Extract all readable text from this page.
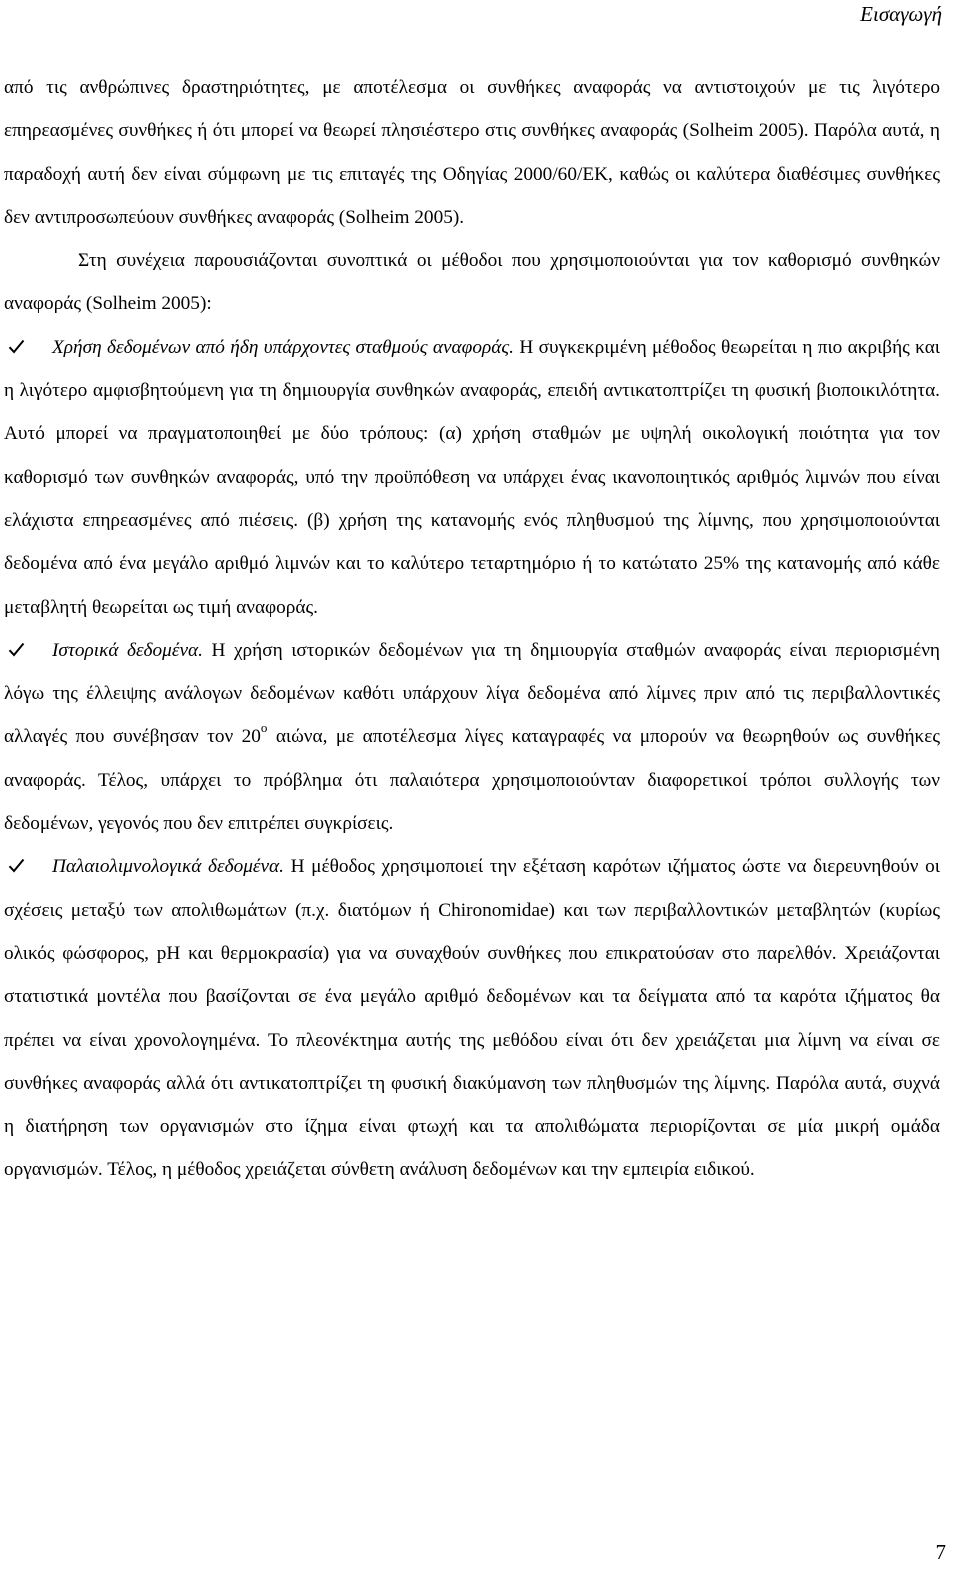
Εισαγωγή

από τις ανθρώπινες δραστηριότητες, με αποτέλεσμα οι συνθήκες αναφοράς να αντιστοιχούν με τις λιγότερο επηρεασμένες συνθήκες ή ότι μπορεί να θεωρεί πλησιέστερο στις συνθήκες αναφοράς (Solheim 2005). Παρόλα αυτά, η παραδοχή αυτή δεν είναι σύμφωνη με τις επιταγές της Οδηγίας 2000/60/ΕΚ, καθώς οι καλύτερα διαθέσιμες συνθήκες δεν αντιπροσωπεύουν συνθήκες αναφοράς (Solheim 2005).

Στη συνέχεια παρουσιάζονται συνοπτικά οι μέθοδοι που χρησιμοποιούνται για τον καθορισμό συνθηκών αναφοράς (Solheim 2005):

Χρήση δεδομένων από ήδη υπάρχοντες σταθμούς αναφοράς. Η συγκεκριμένη μέθοδος θεωρείται η πιο ακριβής και η λιγότερο αμφισβητούμενη για τη δημιουργία συνθηκών αναφοράς, επειδή αντικατοπτρίζει τη φυσική βιοποικιλότητα. Αυτό μπορεί να πραγματοποιηθεί με δύο τρόπους: (α) χρήση σταθμών με υψηλή οικολογική ποιότητα για τον καθορισμό των συνθηκών αναφοράς, υπό την προϋπόθεση να υπάρχει ένας ικανοποιητικός αριθμός λιμνών που είναι ελάχιστα επηρεασμένες από πιέσεις. (β) χρήση της κατανομής ενός πληθυσμού της λίμνης, που χρησιμοποιούνται δεδομένα από ένα μεγάλο αριθμό λιμνών και το καλύτερο τεταρτημόριο ή το κατώτατο 25% της κατανομής από κάθε μεταβλητή θεωρείται ως τιμή αναφοράς.

Ιστορικά δεδομένα. Η χρήση ιστορικών δεδομένων για τη δημιουργία σταθμών αναφοράς είναι περιορισμένη λόγω της έλλειψης ανάλογων δεδομένων καθότι υπάρχουν λίγα δεδομένα από λίμνες πριν από τις περιβαλλοντικές αλλαγές που συνέβησαν τον $20^o$ αιώνα, με αποτέλεσμα λίγες καταγραφές να μπορούν να θεωρηθούν ως συνθήκες αναφοράς. Τέλος, υπάρχει το πρόβλημα ότι παλαιότερα χρησιμοποιούνταν διαφορετικοί τρόποι συλλογής των δεδομένων, γεγονός που δεν επιτρέπει συγκρίσεις.

Παλαιολιμνολογικά δεδομένα. Η μέθοδος χρησιμοποιεί την εξέταση καρότων ιζήματος ώστε να διερευνηθούν οι σχέσεις μεταξύ των απολιθωμάτων (π.χ. διατόμων ή Chironomidae) και των περιβαλλοντικών μεταβλητών (κυρίως ολικός φώσφορος, pH και θερμοκρασία) για να συναχθούν συνθήκες που επικρατούσαν στο παρελθόν. Χρειάζονται στατιστικά μοντέλα που βασίζονται σε ένα μεγάλο αριθμό δεδομένων και τα δείγματα από τα καρότα ιζήματος θα πρέπει να είναι χρονολογημένα. Το πλεονέκτημα αυτής της μεθόδου είναι ότι δεν χρειάζεται μια λίμνη να είναι σε συνθήκες αναφοράς αλλά ότι αντικατοπτρίζει τη φυσική διακύμανση των πληθυσμών της λίμνης. Παρόλα αυτά, συχνά η διατήρηση των οργανισμών στο ίζημα είναι φτωχή και τα απολιθώματα περιορίζονται σε μία μικρή ομάδα οργανισμών. Τέλος, η μέθοδος χρειάζεται σύνθετη ανάλυση δεδομένων και την εμπειρία ειδικού.

7
